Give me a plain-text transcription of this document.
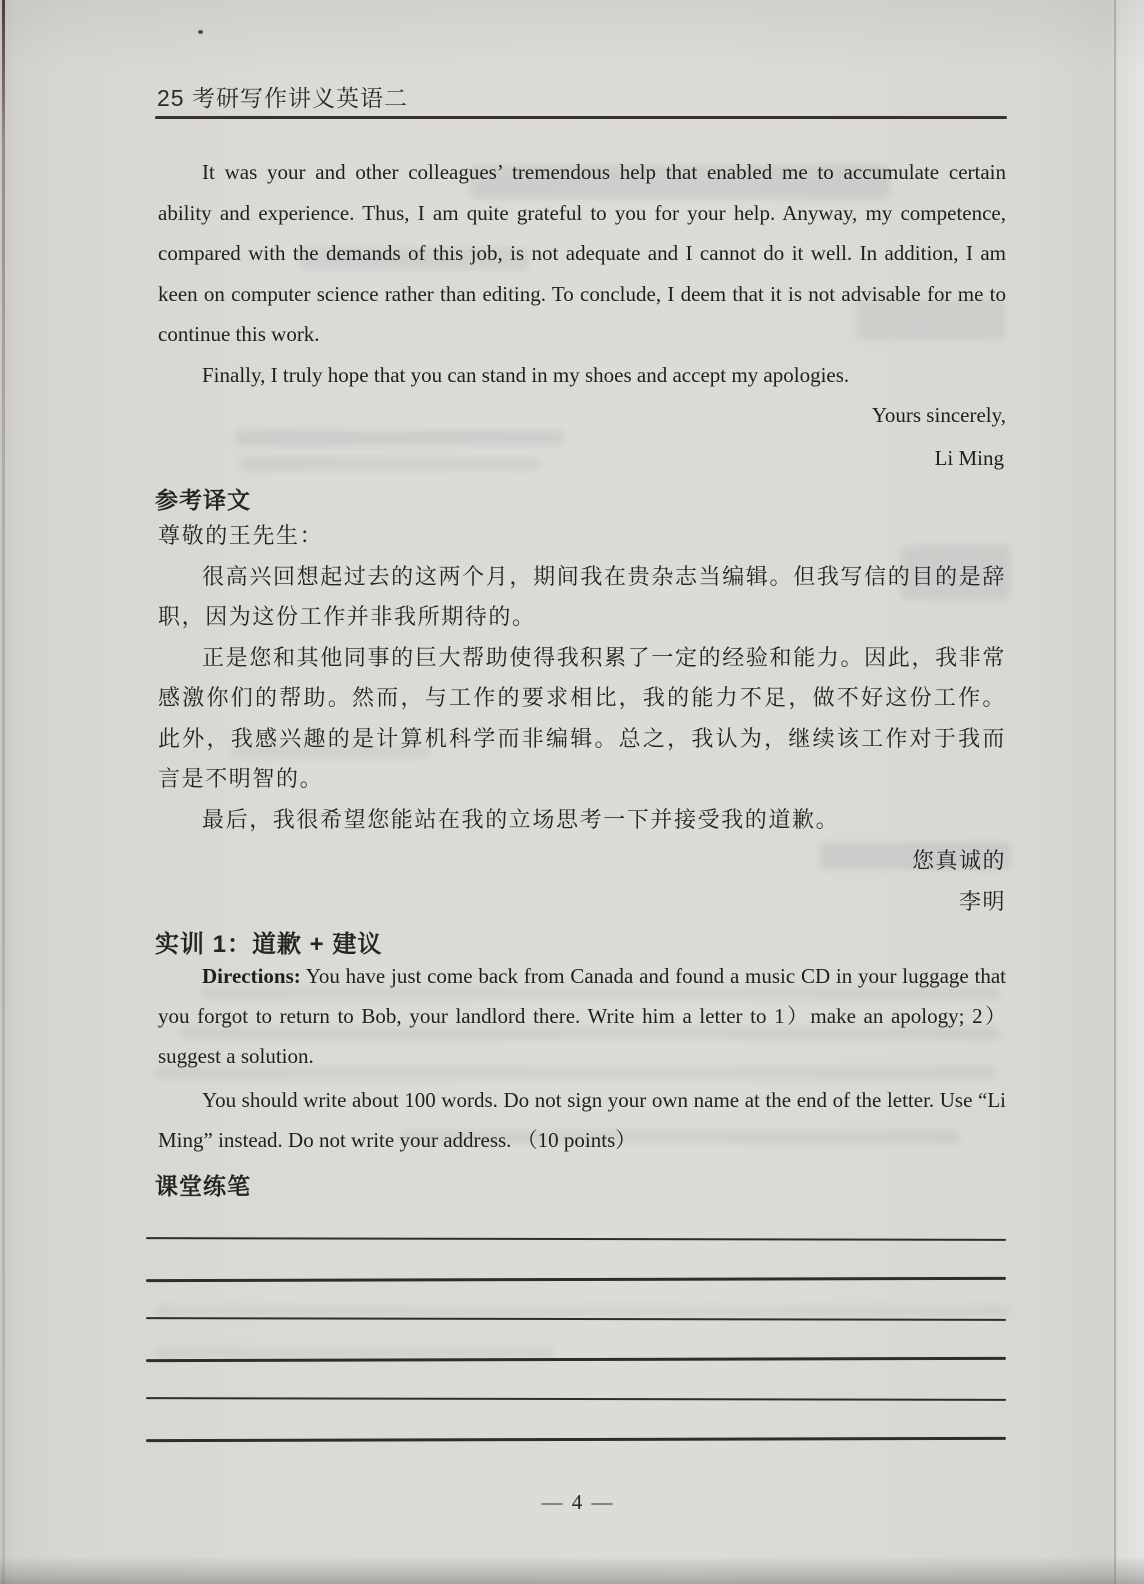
25 考研写作讲义英语二

It was your and other colleagues’ tremendous help that enabled me to accumulate certain ability and experience. Thus, I am quite grateful to you for your help. Anyway, my competence, compared with the demands of this job, is not adequate and I cannot do it well. In addition, I am keen on computer science rather than editing. To conclude, I deem that it is not advisable for me to continue this work.

Finally, I truly hope that you can stand in my shoes and accept my apologies.

Yours sincerely,
Li Ming
参考译文

尊敬的王先生：

很高兴回想起过去的这两个月，期间我在贵杂志当编辑。但我写信的目的是辞职，因为这份工作并非我所期待的。

正是您和其他同事的巨大帮助使得我积累了一定的经验和能力。因此，我非常感激你们的帮助。然而，与工作的要求相比，我的能力不足，做不好这份工作。此外，我感兴趣的是计算机科学而非编辑。总之，我认为，继续该工作对于我而言是不明智的。

最后，我很希望您能站在我的立场思考一下并接受我的道歉。

您真诚的
李明
实训 1：道歉 + 建议

Directions: You have just come back from Canada and found a music CD in your luggage that you forgot to return to Bob, your landlord there. Write him a letter to 1）make an apology; 2）suggest a solution.

You should write about 100 words. Do not sign your own name at the end of the letter. Use “Li Ming” instead. Do not write your address. （10 points）

课堂练笔
— 4 —
